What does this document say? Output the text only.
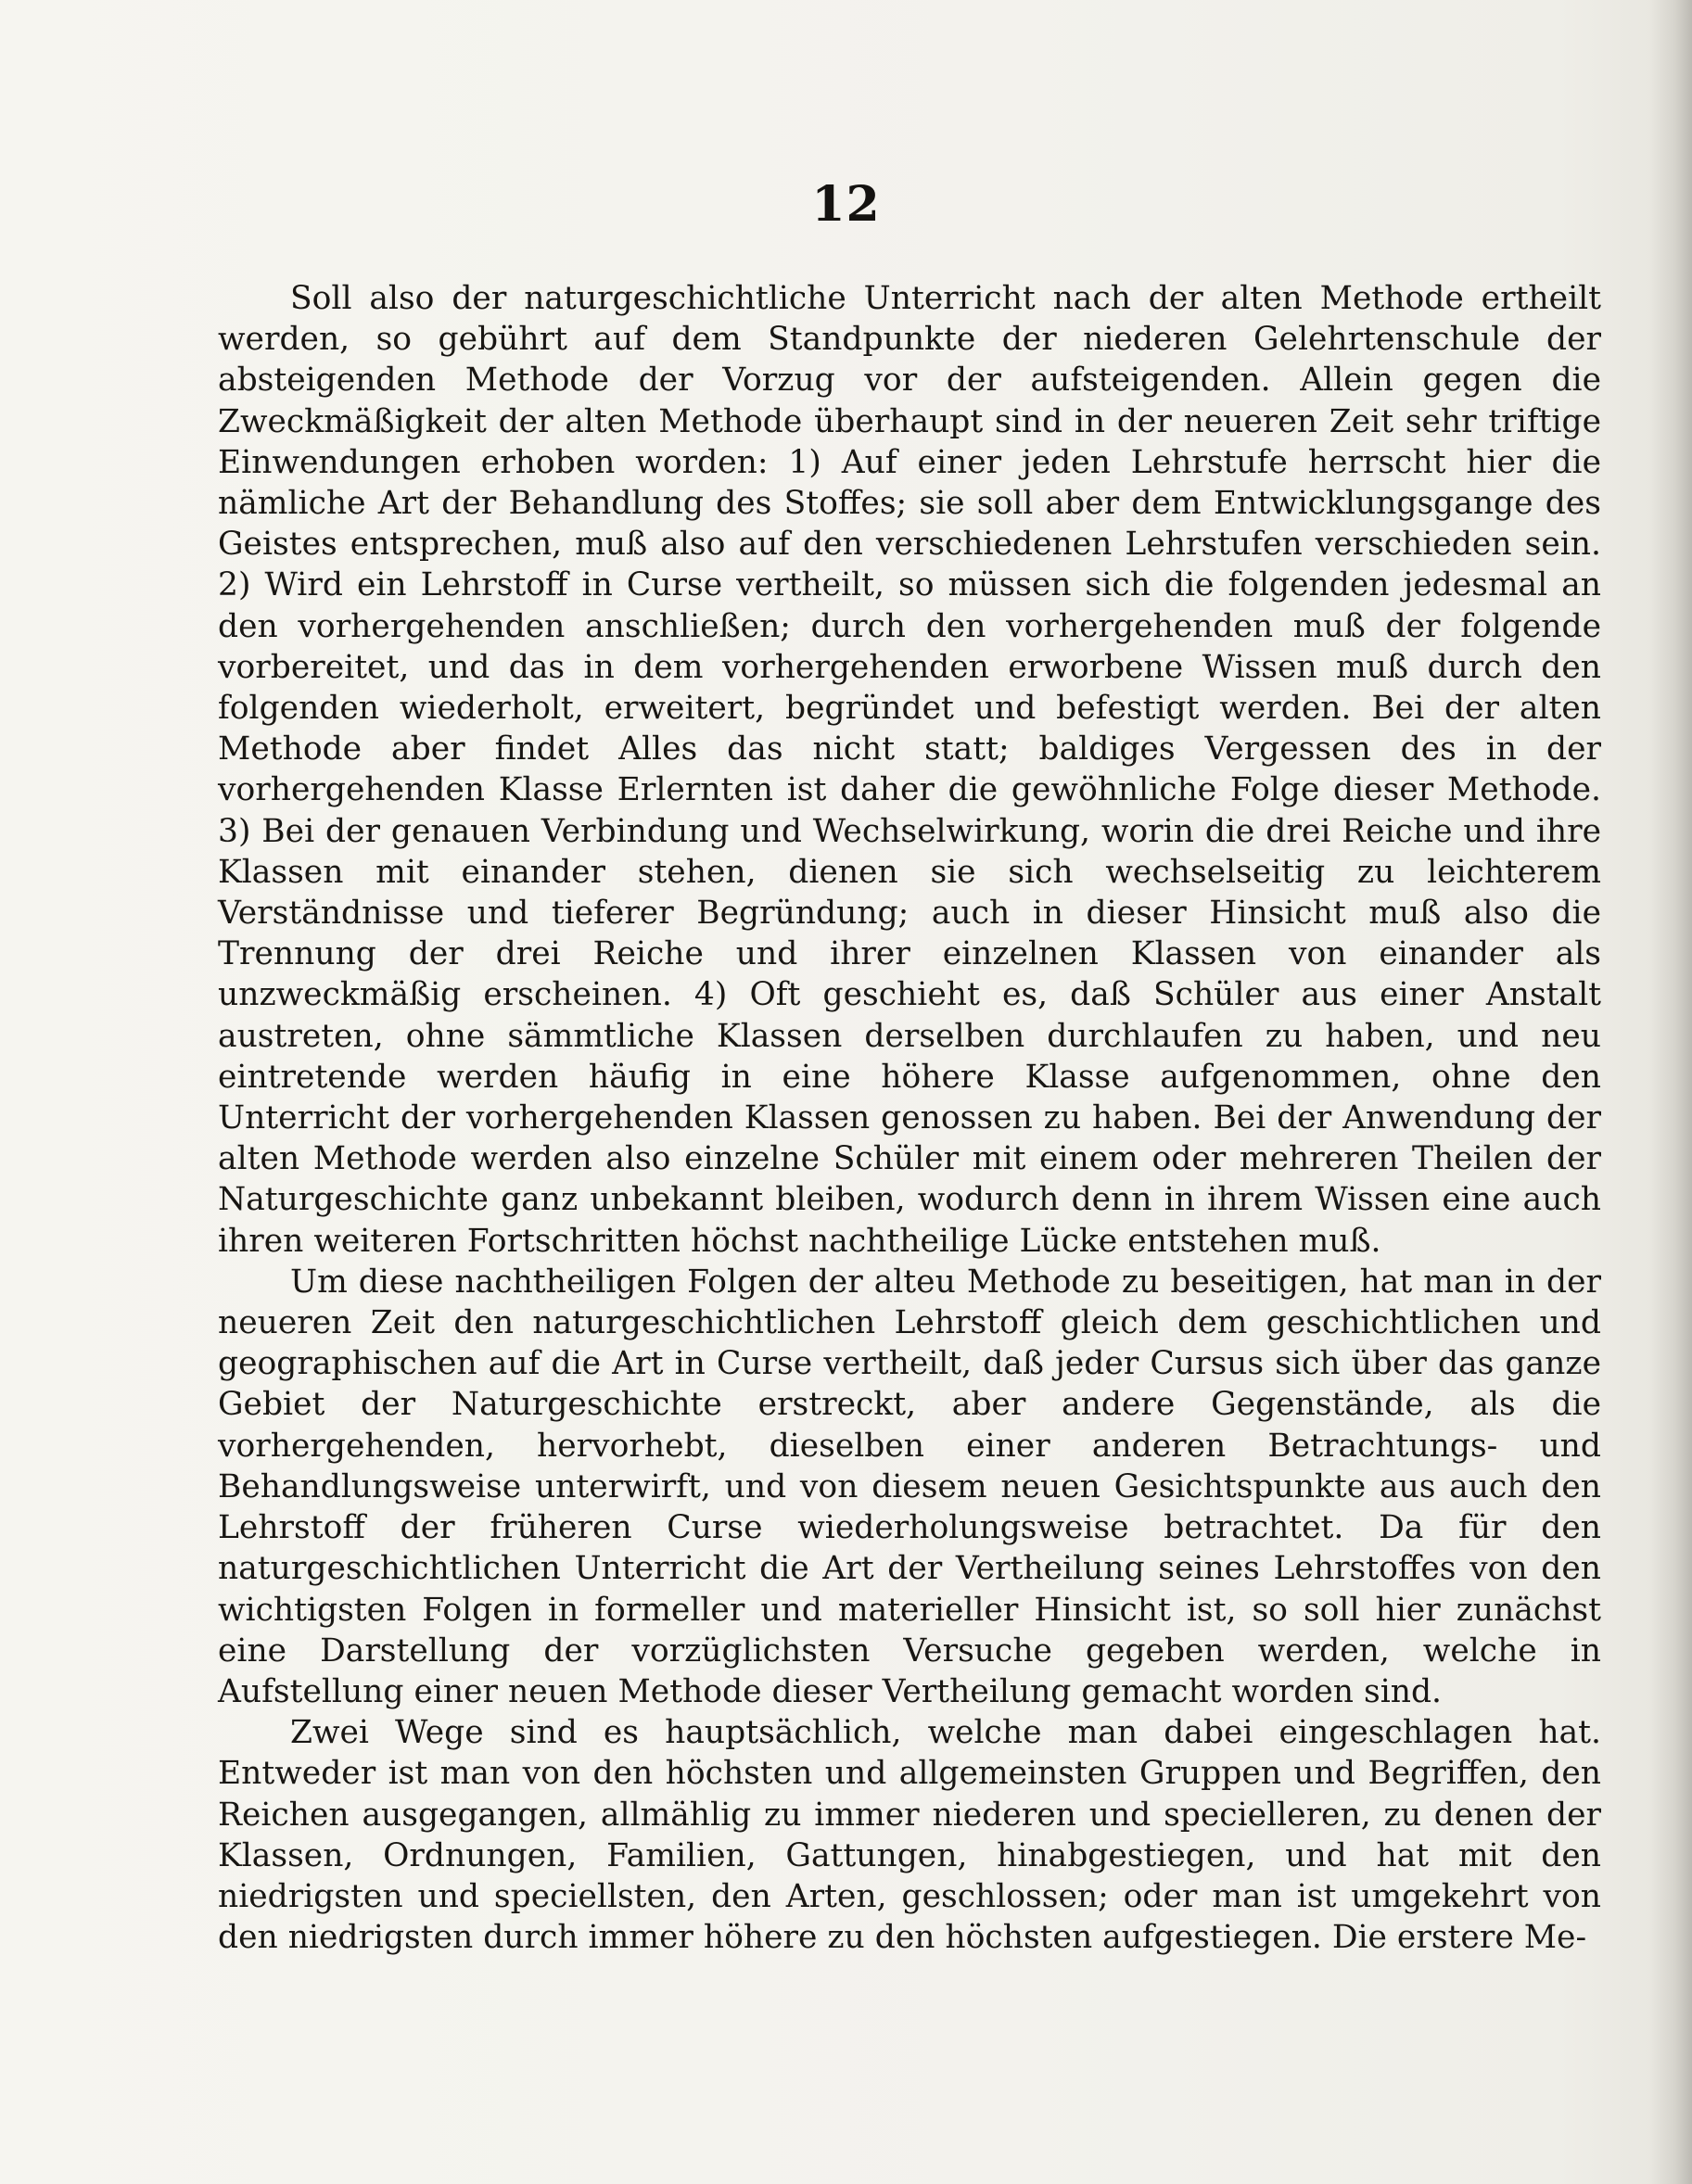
12

Soll also der naturgeschichtliche Unterricht nach der alten Methode ertheilt werden, so gebührt auf dem Standpunkte der niederen Gelehrtenschule der absteigenden Methode der Vorzug vor der aufsteigenden. Allein gegen die Zweckmäßigkeit der alten Methode überhaupt sind in der neueren Zeit sehr triftige Einwendungen erhoben worden: 1) Auf einer jeden Lehrstufe herrscht hier die nämliche Art der Behandlung des Stoffes; sie soll aber dem Entwicklungsgange des Geistes entsprechen, muß also auf den verschiedenen Lehrstufen verschieden sein. 2) Wird ein Lehrstoff in Curse vertheilt, so müssen sich die folgenden jedesmal an den vorhergehenden anschließen; durch den vorhergehenden muß der folgende vorbereitet, und das in dem vorhergehenden erworbene Wissen muß durch den folgenden wiederholt, erweitert, begründet und befestigt werden. Bei der alten Methode aber findet Alles das nicht statt; baldiges Vergessen des in der vorhergehenden Klasse Erlernten ist daher die gewöhnliche Folge dieser Methode. 3) Bei der genauen Verbindung und Wechselwirkung, worin die drei Reiche und ihre Klassen mit einander stehen, dienen sie sich wechselseitig zu leichterem Verständnisse und tieferer Begründung; auch in dieser Hinsicht muß also die Trennung der drei Reiche und ihrer einzelnen Klassen von einander als unzweckmäßig erscheinen. 4) Oft geschieht es, daß Schüler aus einer Anstalt austreten, ohne sämmtliche Klassen derselben durchlaufen zu haben, und neu eintretende werden häufig in eine höhere Klasse aufgenommen, ohne den Unterricht der vorhergehenden Klassen genossen zu haben. Bei der Anwendung der alten Methode werden also einzelne Schüler mit einem oder mehreren Theilen der Naturgeschichte ganz unbekannt bleiben, wodurch denn in ihrem Wissen eine auch ihren weiteren Fortschritten höchst nachtheilige Lücke entstehen muß.

Um diese nachtheiligen Folgen der alteu Methode zu beseitigen, hat man in der neueren Zeit den naturgeschichtlichen Lehrstoff gleich dem geschichtlichen und geographischen auf die Art in Curse vertheilt, daß jeder Cursus sich über das ganze Gebiet der Naturgeschichte erstreckt, aber andere Gegenstände, als die vorhergehenden, hervorhebt, dieselben einer anderen Betrachtungs- und Behandlungsweise unterwirft, und von diesem neuen Gesichtspunkte aus auch den Lehrstoff der früheren Curse wiederholungsweise betrachtet. Da für den naturgeschichtlichen Unterricht die Art der Vertheilung seines Lehrstoffes von den wichtigsten Folgen in formeller und materieller Hinsicht ist, so soll hier zunächst eine Darstellung der vorzüglichsten Versuche gegeben werden, welche in Aufstellung einer neuen Methode dieser Vertheilung gemacht worden sind.

Zwei Wege sind es hauptsächlich, welche man dabei eingeschlagen hat. Entweder ist man von den höchsten und allgemeinsten Gruppen und Begriffen, den Reichen ausgegangen, allmählig zu immer niederen und specielleren, zu denen der Klassen, Ordnungen, Familien, Gattungen, hinabgestiegen, und hat mit den niedrigsten und speciellsten, den Arten, geschlossen; oder man ist umgekehrt von den niedrigsten durch immer höhere zu den höchsten aufgestiegen. Die erstere Me-
